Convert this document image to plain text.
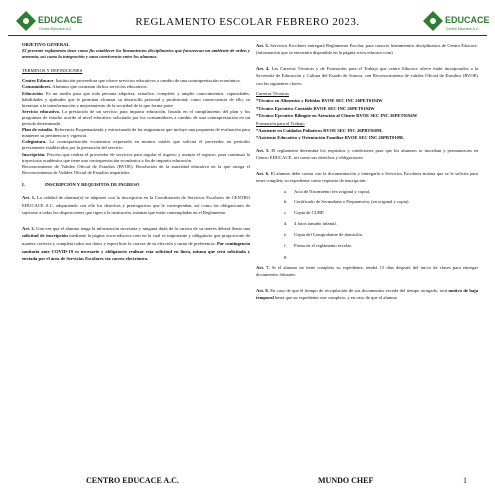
EDUCACE
Centro Educace A.C.
REGLAMENTO ESCOLAR FEBRERO 2023.	EDUCACE
Centro Educace A.C.
OBJETIVO GENERAL

El presente reglamento tiene como fin establecer los lineamientos disciplinarios que favorezcan un ambiente de orden y armonía, así como la integración y sana convivencia entre los alumnos.

TERMINOS Y DEFINICIONES
Centro Educace. Institución proveedora que ofrece servicios educativos a cambio de una contraprestación económica.
Consumidores. Alumnos que contratan dichos servicios educativos.
Educación. Es un medio para que toda persona adquiera, actualice, complete, y amplíe conocimientos, capacidades, habilidades y aptitudes que le permitan alcanzar su desarrollo personal y profesional; como consecuencia de ello, su bienestar a la transformación y mejoramiento de la sociedad de la que forma parte.
Servicio educativo. La prestación de un servicio para impartir educación, basado en el cumplimiento del plan y los programas de estudio acorde al nivel educativo solicitado por los consumidores a cambio de una contraprestación en un periodo determinado.
Plan de estudio. Referencia Esquematizada y estructurada de las asignaturas que incluye una propuesta de evaluación para mantener su pertinencia y vigencia.
Colegiatura. La contraprestación económica expresada en montos totales que solicita el proveedor en periodos previamente establecidos por la prestación del servicio.
Inscripción. Proceso que realiza el proveedor de servicios para regular el ingreso y asentar el registro, para continuar la trayectoria académica que tiene una contraprestación económica a fin de impartir educación.
Reconocimiento de Validez Oficial de Estudios (RVOE). Resolución de la autoridad educativa en la que otorga el Reconocimiento de Validez Oficial de Estudios impartidos
I.	INSCRIPCIÓN Y REQUISITOS DE INGRESO

Art. 1. La calidad de alumno(a) se adquiere con la inscripción en la Coordinación de Servicios Escolares de CENTRO EDUCACE A.C. adquiriendo con ello los derechos y prerrogativas que le correspondan, así como las obligaciones de sujetarse a todas las disposiciones que rigen a la institución, mismas que están contempladas en el Reglamento.

Art. 2. Una vez que el alumno tenga la información necesaria y ninguna duda de la carrera de su interés deberá llenar una solicitud de inscripción mediante la página www.educace.com en la cual es importante y obligatorio que proporcione de manera correcta y completa todos sus datos y especificar la carrera de su elección y turno de preferencia. Por contingencia sanitaria ante COVID-19 es necesario y obligatorio realizar esta solicitud en línea, misma que será solicitada y enviada por el área de Servicios Escolares vía correo electrónico.

Art. 3. Servicios Escolares entregará Reglamento Escolar, para conocer lineamientos disciplinarios de Centro Educace. (información que se encuentra disponible en la página www.educace.com)

Art. 4. Las Carreras Técnicas y de Formación para el Trabajo que centro Educace ofrece están incorporados a la Secretaría de Educación y Cultura del Estado de Sonora, con Reconocimiento de validez Oficial de Estudios (RVOE) con las siguientes claves:

Carreras Técnicas
*Técnico en Alimentos y Bebidas RVOE SEC INC 26PET0194W
*Técnico Ejecutivo Contable RVOE SEC INC 26PET0194W
*Técnico Ejecutivo Bilingüe en Atención al Cliente RVOE SEC INC 26PET0194W
Formación para el Trabajo
*Asistente en Cuidados Paliativos RVOE SEC INC 26PBT0109L
*Asistente Educativo y Orientación Familiar RVOE SEC INC 26PBT0109L

Art. 5. El reglamento determina los requisitos y condiciones para que los alumnos se inscriban y permanezcan en Centro EDUCACE, así como sus derechos y obligaciones.

Art. 6. El alumno debe contar con la documentación y entregarla a Servicios Escolares misma que se le solicita para tener completo su expediente como requisito de inscripción:

a.	Acta de Nacimiento (en original y copia).
b.	Certificado de Secundaria o Preparatoria, (en original y copia).
c.	Copia de CURP.
d.	4 fotos tamaño infantil.
e.	Copia del Comprobante de domicilio.
f.	Firma en el reglamento escolar.
g.

Art. 7. Si el alumno no tiene completo su expediente, tendrá 15 días después del inicio de clases para entregar documentos faltantes.

Art. 8. En caso de que el tiempo de recopilación de sus documentos exceda del tiempo otorgado, será motivo de baja temporal hasta que su expediente este completo, y en caso de que el alumno

CENTRO EDUCACE A.C.	MUNDO CHEF	1
